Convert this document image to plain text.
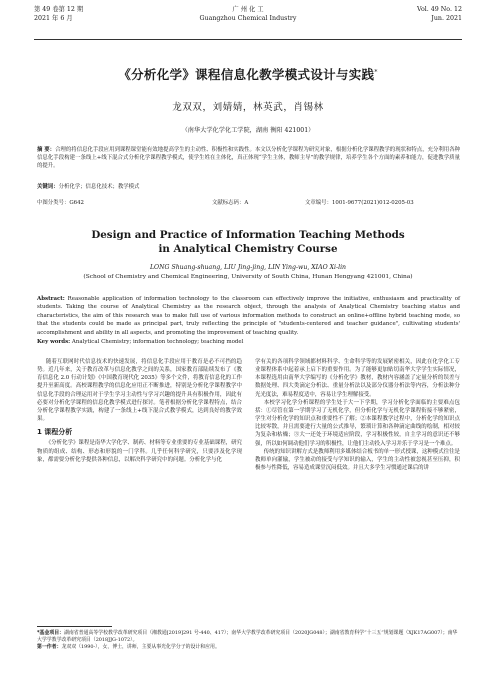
第 49 卷第 12 期
2021 年 6 月
广 州 化 工
Guangzhou Chemical Industry
Vol. 49 No. 12
Jun. 2021
《分析化学》课程信息化教学模式设计与实践*
龙双双，刘婧婧，林英武，肖锡林
（南华大学化学化工学院，湖南 衡阳 421001）
摘 要：合理的将信息化手段应用到课程课堂能有效地提高学生的主动性、积极性和实践性。本文以分析化学课程为研究对象，根据分析化学课程教学的现状和特点，充分利用各种信息化手段构建一条线上+线下混合式分析化学课程教学模式，使学生姓在主体化，真正体现“学生主体，教师主导”的教学规律，培养学生各个方面的素养和能力，促进教学质量的提升。
关键词：分析化学；信息化技术；教学模式
中图分类号：G642	文献标志码：A	文章编号：1001-9677(2021)012-0205-03
Design and Practice of Information Teaching Methods
in Analytical Chemistry Course
LONG Shuang-shuang, LIU Jing-jing, LIN Ying-wu, XIAO Xi-lin
(School of Chemistry and Chemical Engineering, University of South China, Hunan Hengyang 421001, China)
Abstract: Reasonable application of information technology to the classroom can effectively improve the initiative, enthusiasm and practicality of students. Taking the course of Analytical Chemistry as the research object, through the analysis of Analytical Chemistry teaching status and characteristics, the aim of this research was to make full use of various information methods to construct an online+offline hybrid teaching mode, so that the students could be made as principal part, truly reflecting the principle of "students-centered and teacher guidance", cultivating students' accomplishment and ability in all aspects, and promoting the improvement of teaching quality.
Key words: Analytical Chemistry; information technology; teaching model

随着互联网时代信息技术的快速发展，将信息化手段应用于教育是必不可挡的趋势。近几年来，关于教育改革与信息化教学之间的关系，国家教育部陆续发布了《教育信息化 2.0 行动计划》《中国教育现代化 2035》等多个文件，将教育信息化的工作提升至新高度。高校课程教学的信息化应用正不断推进，特别是分析化学课程教学中信息化手段的合理运用对于学生学习主动性与学习兴趣的提升具有积极作用，因此有必要对分析化学课程的信息化教学模式进行探讨。笔者根据分析化学课程特点，结合分析化学课程教学实践，构建了一条线上+线下混合式教学模式，达到良好的教学效果。

1 课程分析

《分析化学》课程是南华大学化学、制药、材料等专业重要的专业基础课程，研究物质的组成、结构、形态和形貌的一门学科。几乎任何科学研究，只要涉及化学现象，都需要分析化学提供各种信息，以解决科学研究中的问题。分析化学与化

学有关的各项科学领域都材料科学、生命科学等的发展紧密相关，因此在化学化工专业课程体系中起着承上启下的重要作用。为了能够更加贴切南华大学学生实际情况，本课程选用由南华大学编写的《分析化学》教材，教材内容涵盖了定量分析的误差与数据处理、四大类滴定分析法、重量分析法以及部分仪器分析法等内容，分析法种分光光度法，难易程度适中，容易让学生理解接受。

本校学习化学分析课程的学生处于大一下学期，学习分析化学面临的主要难点包括：①尽管在第一学期学习了无机化学，但分析化学与无机化学课程衔接不够紧密，学生对分析化学的知识点和重要性不了解；②本课程教学过程中，分析化学的知识点比较零散，并且需要进行大量的公式推导，繁琐计算和各种滴定曲线的绘制，相对较为复杂和枯燥；③大一还处于环境适应阶段，学习积极性较，自主学习的意识还不够强，所以如何调动他们学习的积极性，让他们主动投入学习并乐于学习是一个难点。

传统的知识讲解方式是教师利用多媒体结合板书的单一形式授课，这种模式往往是教师单向灌输，学生被动的接受与学知识的输入，学生的主动性被忽视甚至压抑，积极参与性降低，容易造成课堂沉闷低效。并且大多学生习惯通过课后的讲

*基金项目：湖南省普通高等学校教学改革研究项目（湘教通[2019]291 号-440、417）；南华大学教学改革研究项目（2020JG048）；湖南省教育科学“十三五”规划课题（XJK17AG007）；南华大学学教学改革研究项目（2018JJG-1072）。

第一作者：龙双双（1990-），女，博士，讲师，主要从事光化学分子的设计和应用。
